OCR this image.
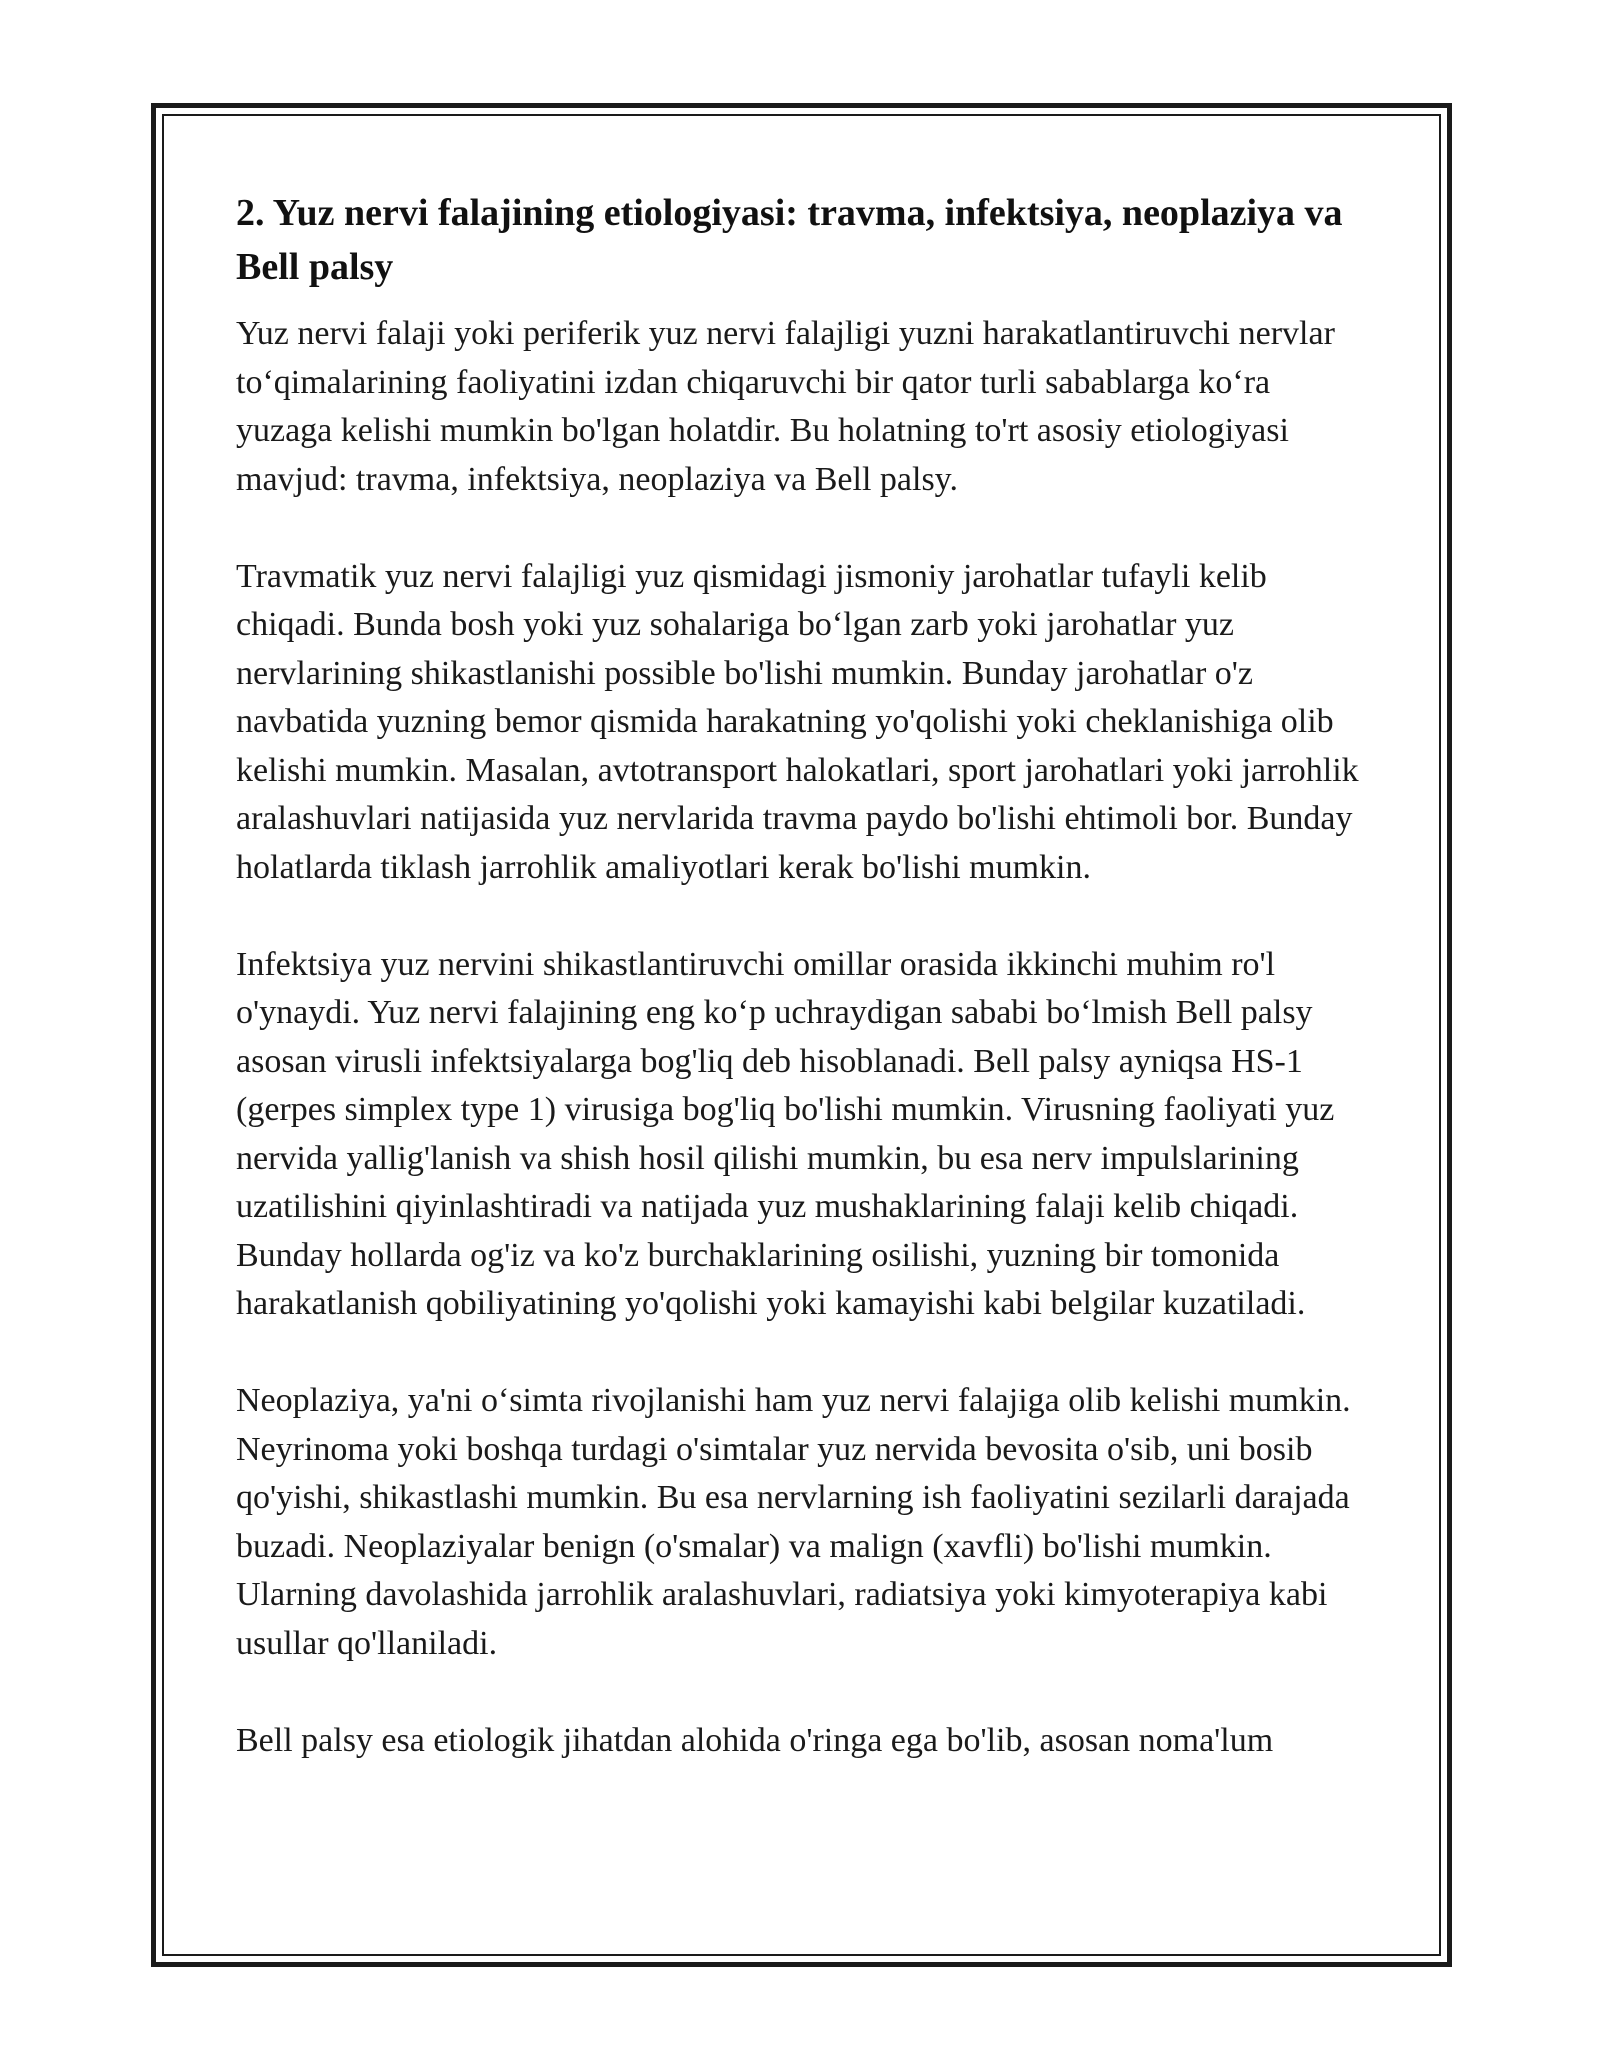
2. Yuz nervi falajining etiologiyasi: travma, infektsiya, neoplaziya va Bell palsy

Yuz nervi falaji yoki periferik yuz nervi falajligi yuzni harakatlantiruvchi nervlar to‘qimalarining faoliyatini izdan chiqaruvchi bir qator turli sabablarga ko‘ra yuzaga kelishi mumkin bo'lgan holatdir. Bu holatning to'rt asosiy etiologiyasi mavjud: travma, infektsiya, neoplaziya va Bell palsy.

Travmatik yuz nervi falajligi yuz qismidagi jismoniy jarohatlar tufayli kelib chiqadi. Bunda bosh yoki yuz sohalariga bo‘lgan zarb yoki jarohatlar yuz nervlarining shikastlanishi possible bo'lishi mumkin. Bunday jarohatlar o'z navbatida yuzning bemor qismida harakatning yo'qolishi yoki cheklanishiga olib kelishi mumkin. Masalan, avtotransport halokatlari, sport jarohatlari yoki jarrohlik aralashuvlari natijasida yuz nervlarida travma paydo bo'lishi ehtimoli bor. Bunday holatlarda tiklash jarrohlik amaliyotlari kerak bo'lishi mumkin.

Infektsiya yuz nervini shikastlantiruvchi omillar orasida ikkinchi muhim ro'l o'ynaydi. Yuz nervi falajining eng ko‘p uchraydigan sababi bo‘lmish Bell palsy asosan virusli infektsiyalarga bog'liq deb hisoblanadi. Bell palsy ayniqsa HS-1 (gerpes simplex type 1) virusiga bog'liq bo'lishi mumkin. Virusning faoliyati yuz nervida yallig'lanish va shish hosil qilishi mumkin, bu esa nerv impulslarining uzatilishini qiyinlashtiradi va natijada yuz mushaklarining falaji kelib chiqadi. Bunday hollarda og'iz va ko'z burchaklarining osilishi, yuzning bir tomonida harakatlanish qobiliyatining yo'qolishi yoki kamayishi kabi belgilar kuzatiladi.

Neoplaziya, ya'ni o‘simta rivojlanishi ham yuz nervi falajiga olib kelishi mumkin. Neyrinoma yoki boshqa turdagi o'simtalar yuz nervida bevosita o'sib, uni bosib qo'yishi, shikastlashi mumkin. Bu esa nervlarning ish faoliyatini sezilarli darajada buzadi. Neoplaziyalar benign (o'smalar) va malign (xavfli) bo'lishi mumkin. Ularning davolashida jarrohlik aralashuvlari, radiatsiya yoki kimyoterapiya kabi usullar qo'llaniladi.

Bell palsy esa etiologik jihatdan alohida o'ringa ega bo'lib, asosan noma'lum
